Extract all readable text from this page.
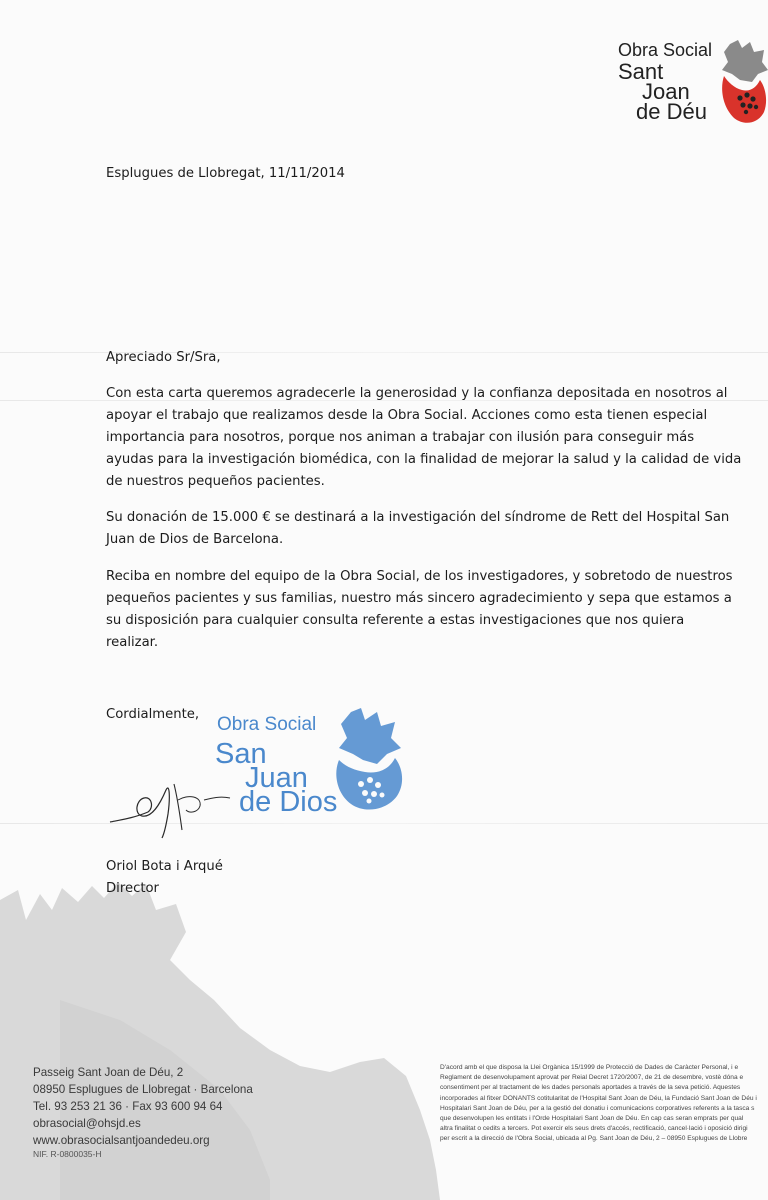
Obra Social
Sant
Joan
de Déu
Esplugues de Llobregat, 11/11/2014
Apreciado Sr/Sra,
Con esta carta queremos agradecerle la generosidad y la confianza depositada en nosotros al
apoyar el trabajo que realizamos desde la Obra Social. Acciones como esta tienen especial
importancia para nosotros, porque nos animan a trabajar con ilusión para conseguir más
ayudas para la investigación biomédica, con la finalidad de mejorar la salud y la calidad de vida
de nuestros pequeños pacientes.
Su donación de 15.000 € se destinará a la investigación del síndrome de Rett del Hospital San
Juan de Dios de Barcelona.
Reciba en nombre del equipo de la Obra Social, de los investigadores, y sobretodo de nuestros
pequeños pacientes y sus familias, nuestro más sincero agradecimiento y sepa que estamos a
su disposición para cualquier consulta referente a estas investigaciones que nos quiera
realizar.
Cordialmente, Obra Social
San
Juan
de Dios
Oriol Bota i Arqué
Director
Passeig Sant Joan de Déu, 2
08950 Esplugues de Llobregat · Barcelona
Tel. 93 253 21 36 · Fax 93 600 94 64
obrasocial@ohsjd.es
www.obrasocialsantjoandedeu.org
NIF. R-0800035-H
D'acord amb el que disposa la Llei Orgànica 15/1999 de Protecció de Dades de Caràcter Personal, i e
Reglament de desenvolupament aprovat per Reial Decret 1720/2007, de 21 de desembre, vostè dóna e
consentiment per al tractament de les dades personals aportades a través de la seva petició. Aquestes
incorporades al fitxer DONANTS cotitularitat de l'Hospital Sant Joan de Déu, la Fundació Sant Joan de Déu i
Hospitalari Sant Joan de Déu, per a la gestió del donatiu i comunicacions corporatives referents a la tasca s
que desenvolupen les entitats i l'Orde Hospitalari Sant Joan de Déu. En cap cas seran emprats per qual
altra finalitat o cedits a tercers. Pot exercir els seus drets d'accés, rectificació, cancel·lació i oposició dirigi
per escrit a la direcció de l'Obra Social, ubicada al Pg. Sant Joan de Déu, 2 – 08950 Esplugues de Llobre
